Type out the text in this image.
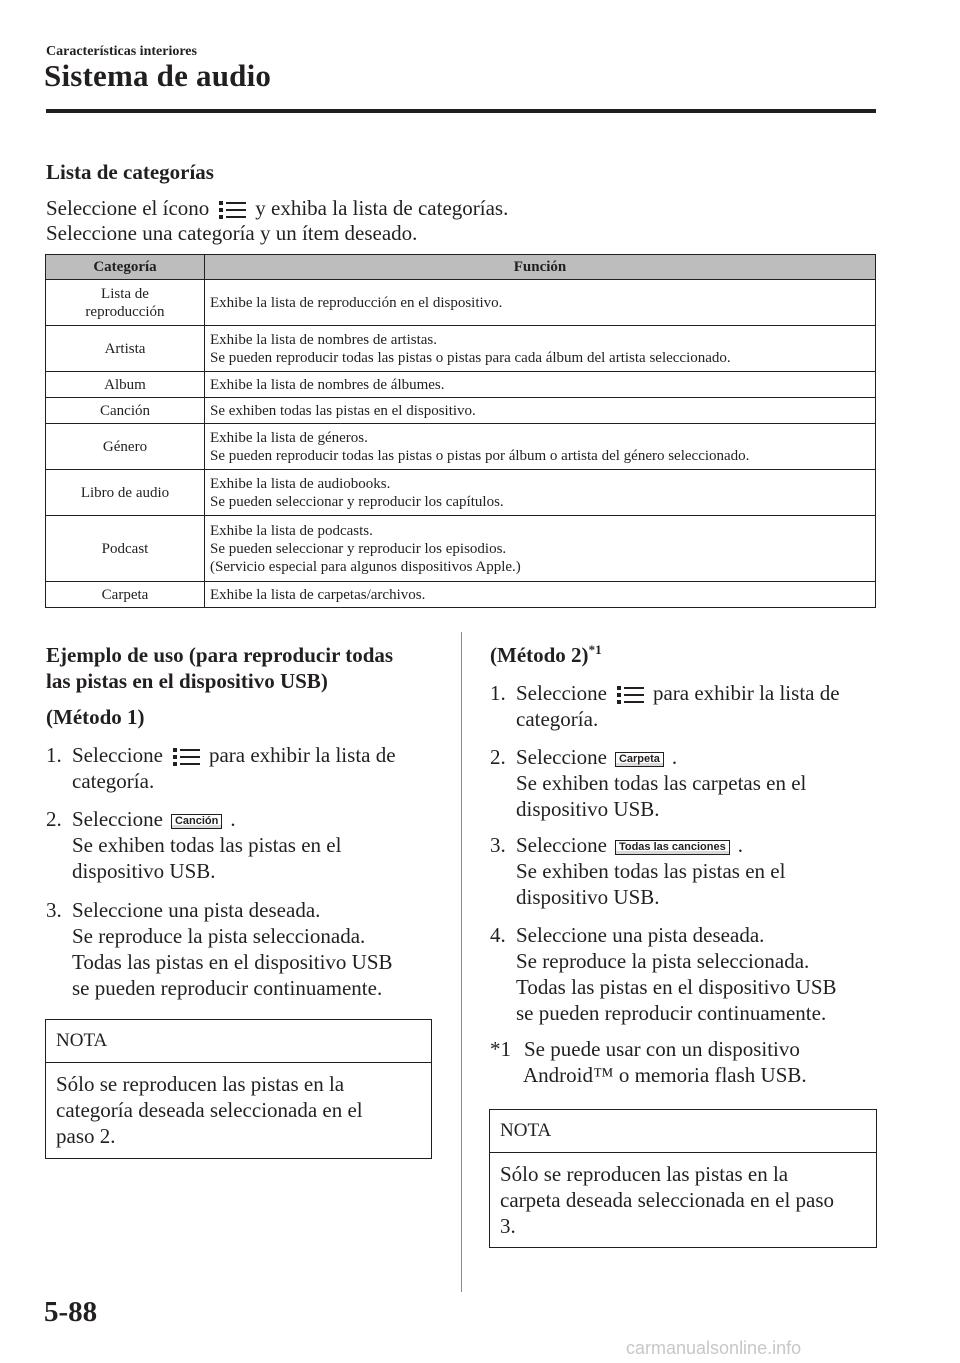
Características interiores
Sistema de audio
Lista de categorías
Seleccione el ícono y exhiba la lista de categorías.
Seleccione una categoría y un ítem deseado.
Categoría	Función
Lista de reproducción	Exhibe la lista de reproducción en el dispositivo.

Artista	Exhibe la lista de nombres de artistas.
Se pueden reproducir todas las pistas o pistas para cada álbum del artista seleccionado.

Album	Exhibe la lista de nombres de álbumes.

Canción	Se exhiben todas las pistas en el dispositivo.

Género	Exhibe la lista de géneros.
Se pueden reproducir todas las pistas o pistas por álbum o artista del género seleccionado.

Libro de audio	Exhibe la lista de audiobooks.
Se pueden seleccionar y reproducir los capítulos.

Podcast	Exhibe la lista de podcasts.
Se pueden seleccionar y reproducir los episodios.
(Servicio especial para algunos dispositivos Apple.)

Carpeta	Exhibe la lista de carpetas/archivos.
Ejemplo de uso (para reproducir todas
las pistas en el dispositivo USB)
(Método 1)
1. Seleccione para exhibir la lista de
categoría.
2. Seleccione Canción .
Se exhiben todas las pistas en el
dispositivo USB.
3. Seleccione una pista deseada.
Se reproduce la pista seleccionada.
Todas las pistas en el dispositivo USB
se pueden reproducir continuamente.
NOTA
Sólo se reproducen las pistas en la
categoría deseada seleccionada en el
paso 2.
(Método 2)$^{*1}$
1. Seleccione para exhibir la lista de
categoría.
2. Seleccione Carpeta .
Se exhiben todas las carpetas en el
dispositivo USB.
3. Seleccione Todas las canciones .
Se exhiben todas las pistas en el
dispositivo USB.
4. Seleccione una pista deseada.
Se reproduce la pista seleccionada.
Todas las pistas en el dispositivo USB
se pueden reproducir continuamente.
*1 Se puede usar con un dispositivo
Android™ o memoria flash USB.
NOTA
Sólo se reproducen las pistas en la
carpeta deseada seleccionada en el paso
3.
5-88
carmanualsonline.info
